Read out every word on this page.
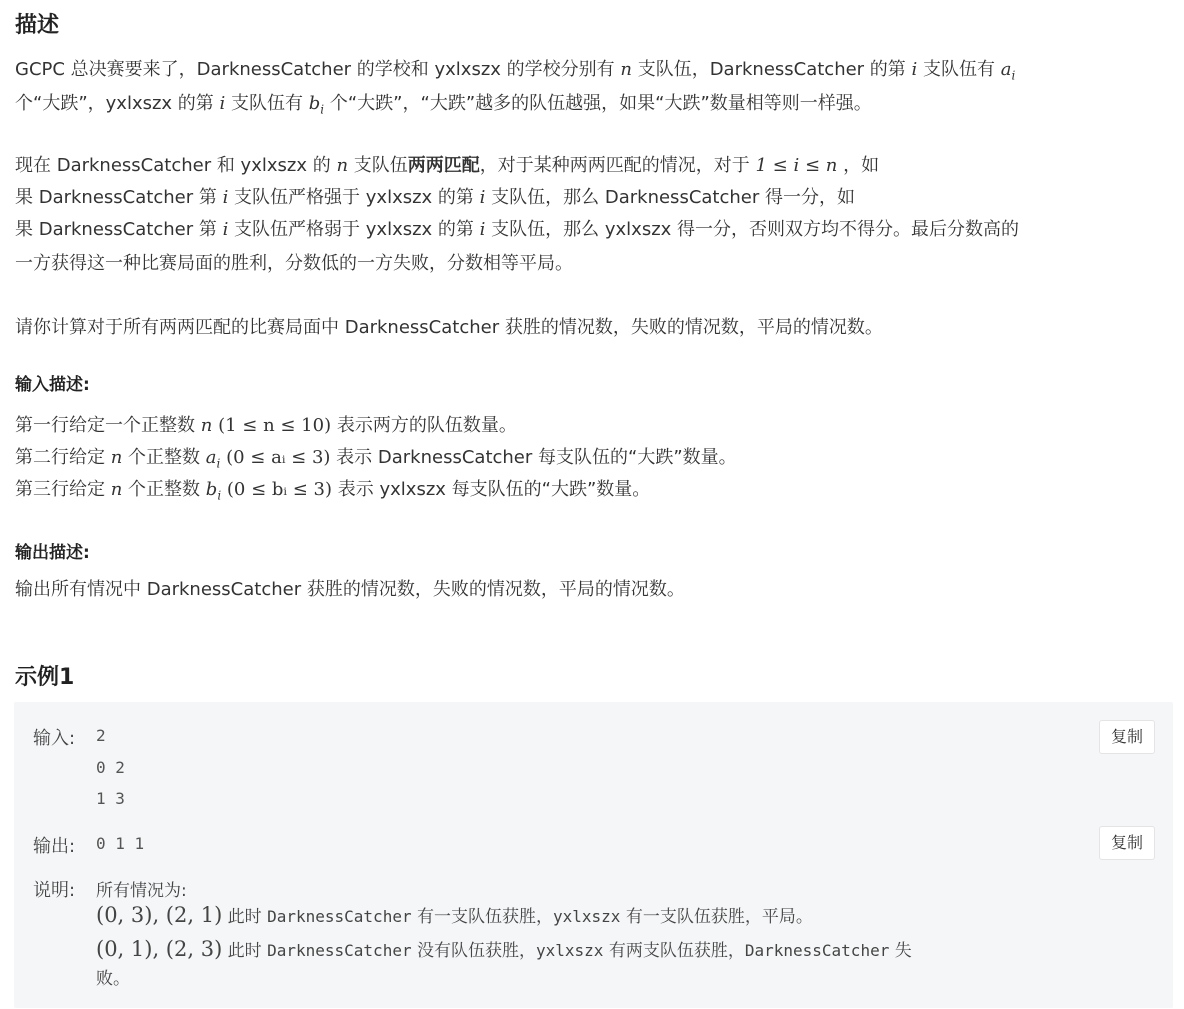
描述
GCPC 总决赛要来了，DarknessCatcher 的学校和 yxlxszx 的学校分别有 n 支队伍，DarknessCatcher 的第 i 支队伍有 $a_i$
个“大跌”，yxlxszx 的第 i 支队伍有 $b_i$ 个“大跌”，“大跌”越多的队伍越强，如果“大跌”数量相等则一样强。
现在 DarknessCatcher 和 yxlxszx 的 n 支队伍两两匹配，对于某种两两匹配的情况，对于 1 ≤ i ≤ n ，如
果 DarknessCatcher 第 i 支队伍严格强于 yxlxszx 的第 i 支队伍，那么 DarknessCatcher 得一分，如
果 DarknessCatcher 第 i 支队伍严格弱于 yxlxszx 的第 i 支队伍，那么 yxlxszx 得一分，否则双方均不得分。最后分数高的
一方获得这一种比赛局面的胜利，分数低的一方失败，分数相等平局。
请你计算对于所有两两匹配的比赛局面中 DarknessCatcher 获胜的情况数，失败的情况数，平局的情况数。
输入描述:
第一行给定一个正整数 n (1 ≤ n ≤ 10) 表示两方的队伍数量。
第二行给定 n 个正整数 $a_i$ (0 ≤ aᵢ ≤ 3) 表示 DarknessCatcher 每支队伍的“大跌”数量。
第三行给定 n 个正整数 $b_i$ (0 ≤ bᵢ ≤ 3) 表示 yxlxszx 每支队伍的“大跌”数量。
输出描述:
输出所有情况中 DarknessCatcher 获胜的情况数，失败的情况数，平局的情况数。
示例1
输入: 2
0 2
1 3
复制
输出: 0 1 1	复制
说明: 所有情况为:
(0, 3), (2, 1) 此时 DarknessCatcher 有一支队伍获胜，yxlxszx 有一支队伍获胜，平局。
(0, 1), (2, 3) 此时 DarknessCatcher 没有队伍获胜，yxlxszx 有两支队伍获胜，DarknessCatcher 失
败。
